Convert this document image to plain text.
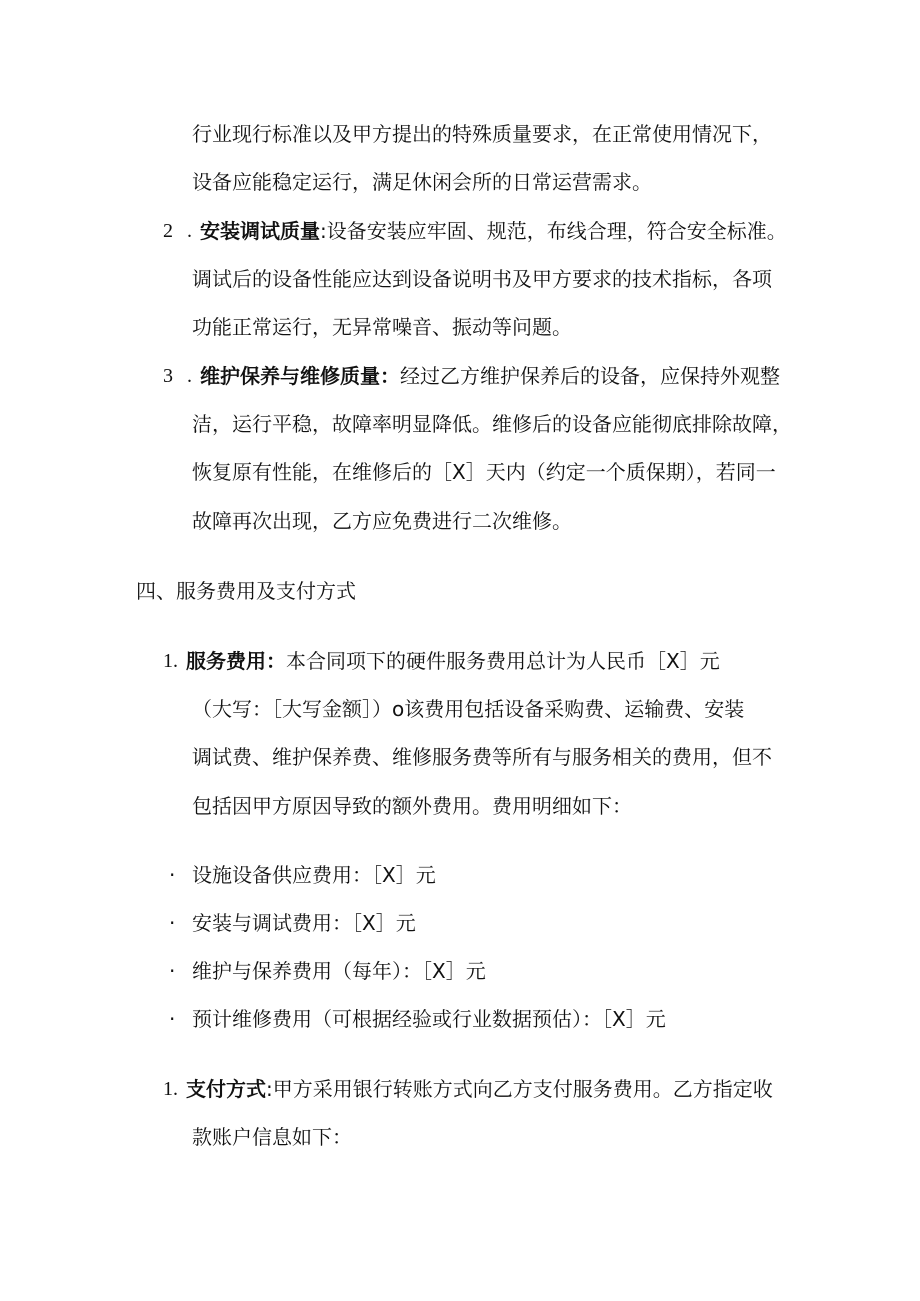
行业现行标准以及甲方提出的特殊质量要求，在正常使用情况下，
设备应能稳定运行，满足休闲会所的日常运营需求。
2 . 安装调试质量:设备安装应牢固、规范，布线合理，符合安全标准。
调试后的设备性能应达到设备说明书及甲方要求的技术指标，各项
功能正常运行，无异常噪音、振动等问题。
3 . 维护保养与维修质量：经过乙方维护保养后的设备，应保持外观整
洁，运行平稳，故障率明显降低。维修后的设备应能彻底排除故障，
恢复原有性能，在维修后的［X］天内（约定一个质保期），若同一
故障再次出现，乙方应免费进行二次维修。
四、服务费用及支付方式
1. 服务费用：本合同项下的硬件服务费用总计为人民币［X］元
（大写：［大写金额］）o该费用包括设备采购费、运输费、安装
调试费、维护保养费、维修服务费等所有与服务相关的费用，但不
包括因甲方原因导致的额外费用。费用明细如下：
· 设施设备供应费用：［X］元
· 安装与调试费用：［X］元
· 维护与保养费用（每年）：［X］元
· 预计维修费用（可根据经验或行业数据预估）：［X］元
1. 支付方式:甲方采用银行转账方式向乙方支付服务费用。乙方指定收
款账户信息如下：
